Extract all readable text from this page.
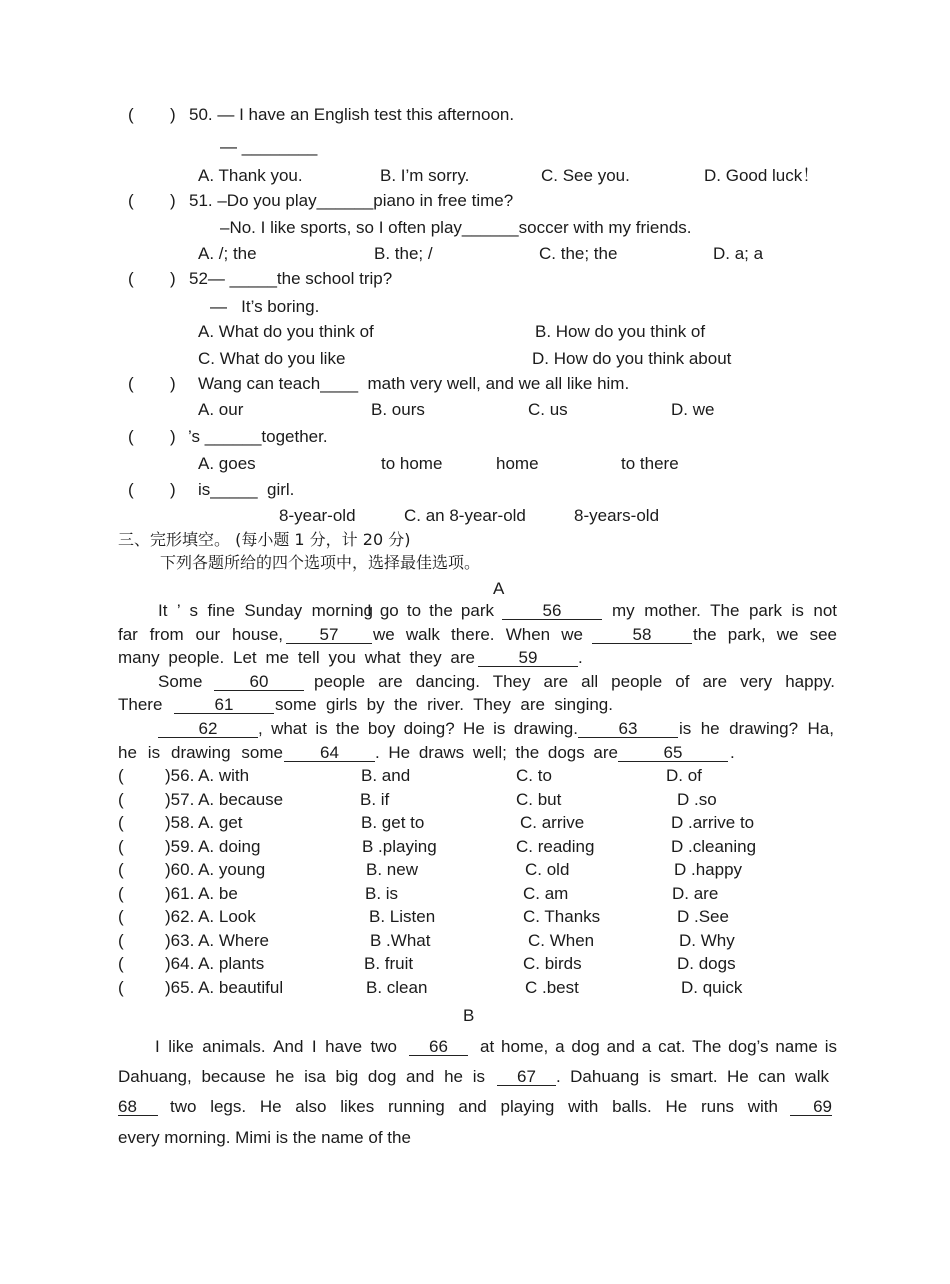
( ) 50. — I have an English test this afternoon.
— ________
A. Thank you.	B. I’m sorry.	C. See you.	D. Good luck！
( ) 51. –Do you play______piano in free time?
–No. I like sports, so I often play______soccer with my friends.
A. /; the	B. the; /	C. the; the	D. a; a
( ) 52— _____the school trip?
—   It’s boring.
A. What do you think of	B. How do you think of
C. What do you like	D. How do you think about
( ) Wang can teach____  math very well, and we all like him.
A. our	B. ours	C. us	D. we
( ) ’s ______together.
A. goes	to home	home	to there
( ) is_____  girl.
8-year-old	C. an 8-year-old	8-years-old
三、完形填空。 (每小题 1 分，计 20 分)
下列各题所给的四个选项中，选择最佳选项。
A
It ’ s fine Sunday morning
I go to the park	56	my mother. The park is not
far from our house,	57	we walk there. When we	58	the park, we see
many people. Let me tell you what they are	59	.
Some	60	people are dancing. They are all people of are very happy.
There	61	some girls by the river. They are singing.
62	, what is the boy doing? He is drawing.	63	is he drawing? Ha,
he is drawing some	64	. He draws well; the dogs are	65	.
( )56. A. with	B. and	C. to	D. of
( )57. A. because	B. if	C. but	D .so
( )58. A. get	B. get to	C. arrive	D .arrive to
( )59. A. doing	B .playing	C. reading	D .cleaning
( )60. A. young	B. new	C. old	D .happy
( )61. A. be	B. is	C. am	D. are
( )62. A. Look	B. Listen	C. Thanks	D .See
( )63. A. Where	B .What	C. When	D. Why
( )64. A. plants	B. fruit	C. birds	D. dogs
( )65. A. beautiful	B. clean	C .best	D. quick
B
I like animals. And I have two	66	at home, a dog and a cat. The dog’s name is
Dahuang, because he isa big dog and he is	67	. Dahuang is smart. He can walk
68	two legs. He also likes running and playing with balls. He runs with	69
every morning. Mimi is the name of the
